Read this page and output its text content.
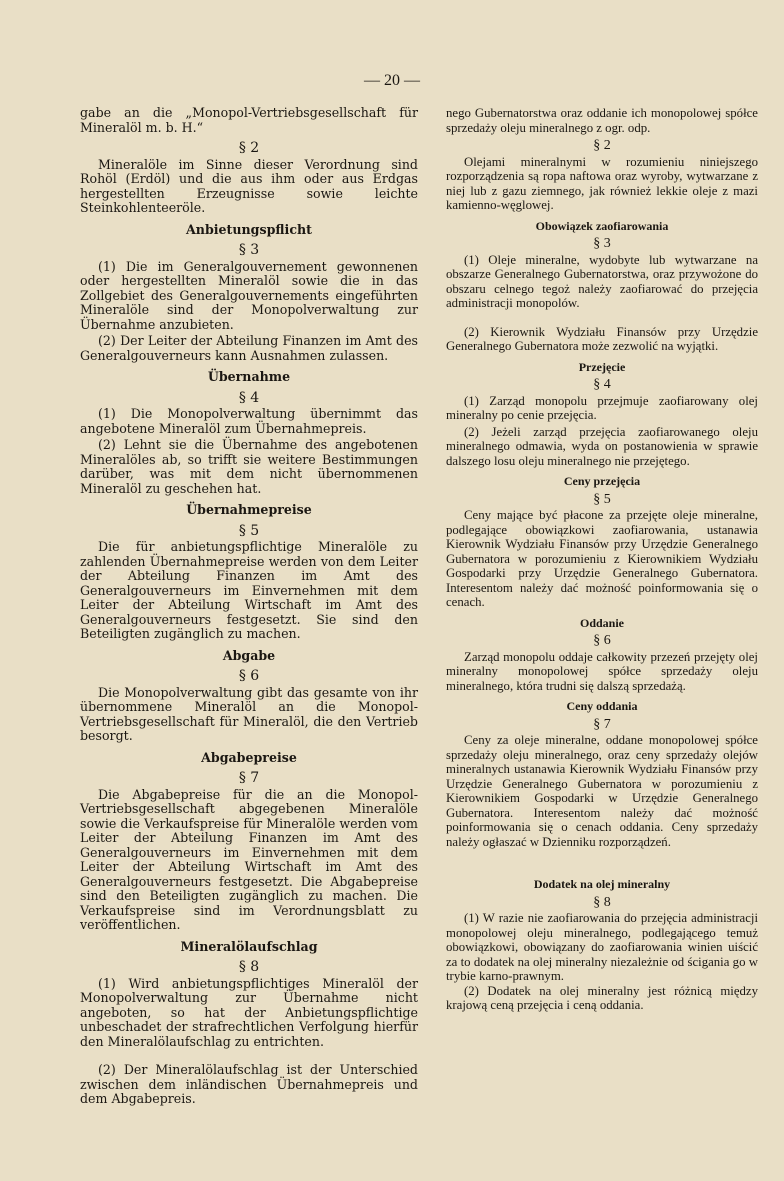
— 20 —

gabe an die „Monopol-Vertriebsgesellschaft für Mineralöl m. b. H.“

§ 2

Mineralöle im Sinne dieser Verordnung sind Rohöl (Erdöl) und die aus ihm oder aus Erdgas hergestellten Erzeugnisse sowie leichte Steinkohlenteeröle.

Anbietungspflicht
§ 3

(1) Die im Generalgouvernement gewonnenen oder hergestellten Mineralöl sowie die in das Zollgebiet des Generalgouvernements eingeführten Mineralöle sind der Monopolverwaltung zur Übernahme anzubieten.

(2) Der Leiter der Abteilung Finanzen im Amt des Generalgouverneurs kann Ausnahmen zulassen.

Übernahme
§ 4

(1) Die Monopolverwaltung übernimmt das angebotene Mineralöl zum Übernahmepreis.

(2) Lehnt sie die Übernahme des angebotenen Mineralöles ab, so trifft sie weitere Bestimmungen darüber, was mit dem nicht übernommenen Mineralöl zu geschehen hat.

Übernahmepreise
§ 5

Die für anbietungspflichtige Mineralöle zu zahlenden Übernahmepreise werden von dem Leiter der Abteilung Finanzen im Amt des Generalgouverneurs im Einvernehmen mit dem Leiter der Abteilung Wirtschaft im Amt des Generalgouverneurs festgesetzt. Sie sind den Beteiligten zugänglich zu machen.

Abgabe
§ 6

Die Monopolverwaltung gibt das gesamte von ihr übernommene Mineralöl an die Monopol-Vertriebsgesellschaft für Mineralöl, die den Vertrieb besorgt.

Abgabepreise
§ 7

Die Abgabepreise für die an die Monopol-Vertriebsgesellschaft abgegebenen Mineralöle sowie die Verkaufspreise für Mineralöle werden vom Leiter der Abteilung Finanzen im Amt des Generalgouverneurs im Einvernehmen mit dem Leiter der Abteilung Wirtschaft im Amt des Generalgouverneurs festgesetzt. Die Abgabepreise sind den Beteiligten zugänglich zu machen. Die Verkaufspreise sind im Verordnungsblatt zu veröffentlichen.

Mineralölaufschlag
§ 8

(1) Wird anbietungspflichtiges Mineralöl der Monopolverwaltung zur Übernahme nicht angeboten, so hat der Anbietungspflichtige unbeschadet der strafrechtlichen Verfolgung hierfür den Mineralölaufschlag zu entrichten.

(2) Der Mineralölaufschlag ist der Unterschied zwischen dem inländischen Übernahmepreis und dem Abgabepreis.

nego Gubernatorstwa oraz oddanie ich monopolowej spółce sprzedaży oleju mineralnego z ogr. odp.

§ 2

Olejami mineralnymi w rozumieniu niniejszego rozporządzenia są ropa naftowa oraz wyroby, wytwarzane z niej lub z gazu ziemnego, jak również lekkie oleje z mazi kamienno-węglowej.

Obowiązek zaofiarowania
§ 3

(1) Oleje mineralne, wydobyte lub wytwarzane na obszarze Generalnego Gubernatorstwa, oraz przywożone do obszaru celnego tegoż należy zaofiarować do przejęcia administracji monopolów.

(2) Kierownik Wydziału Finansów przy Urzędzie Generalnego Gubernatora może zezwolić na wyjątki.

Przejęcie
§ 4

(1) Zarząd monopolu przejmuje zaofiarowany olej mineralny po cenie przejęcia.

(2) Jeżeli zarząd przejęcia zaofiarowanego oleju mineralnego odmawia, wyda on postanowienia w sprawie dalszego losu oleju mineralnego nie przejętego.

Ceny przejęcia
§ 5

Ceny mające być płacone za przejęte oleje mineralne, podlegające obowiązkowi zaofiarowania, ustanawia Kierownik Wydziału Finansów przy Urzędzie Generalnego Gubernatora w porozumieniu z Kierownikiem Wydziału Gospodarki przy Urzędzie Generalnego Gubernatora. Interesentom należy dać możność poinformowania się o cenach.

Oddanie
§ 6

Zarząd monopolu oddaje całkowity przezeń przejęty olej mineralny monopolowej spółce sprzedaży oleju mineralnego, która trudni się dalszą sprzedażą.

Ceny oddania
§ 7

Ceny za oleje mineralne, oddane monopolowej spółce sprzedaży oleju mineralnego, oraz ceny sprzedaży olejów mineralnych ustanawia Kierownik Wydziału Finansów przy Urzędzie Generalnego Gubernatora w porozumieniu z Kierownikiem Gospodarki w Urzędzie Generalnego Gubernatora. Interesentom należy dać możność poinformowania się o cenach oddania. Ceny sprzedaży należy ogłaszać w Dzienniku rozporządzeń.

Dodatek na olej mineralny
§ 8

(1) W razie nie zaofiarowania do przejęcia administracji monopolowej oleju mineralnego, podlegającego temuż obowiązkowi, obowiązany do zaofiarowania winien uiścić za to dodatek na olej mineralny niezależnie od ścigania go w trybie karno-prawnym.

(2) Dodatek na olej mineralny jest różnicą między krajową ceną przejęcia i ceną oddania.
